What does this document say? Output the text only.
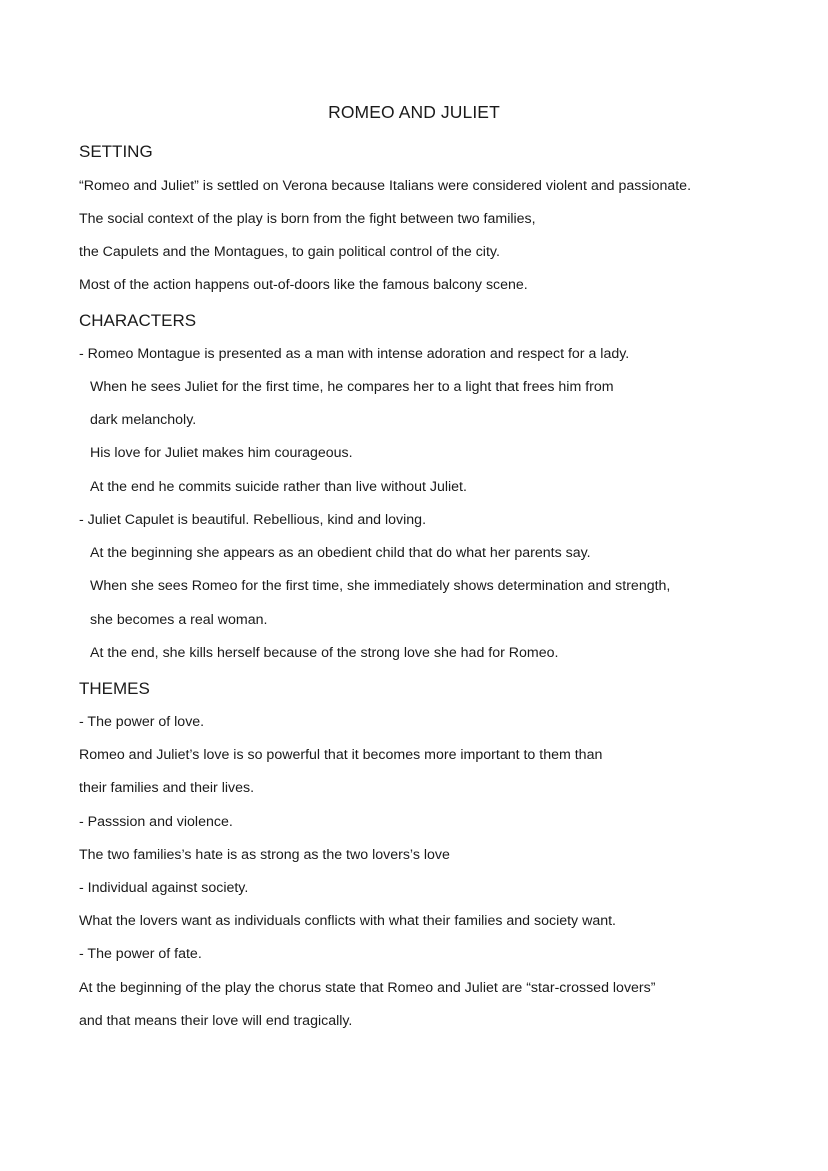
ROMEO AND JULIET
SETTING
“Romeo and Juliet” is settled on Verona because Italians were considered violent and passionate.
The social context of the play is born from the fight between two families,
the Capulets and the Montagues, to gain political control of the city.
Most of the action happens out-of-doors like the famous balcony scene.
CHARACTERS
- Romeo Montague is presented as a man with intense adoration and respect for a lady.
When he sees Juliet for the first time, he compares her to a light that frees him from
dark melancholy.
His love for Juliet makes him courageous.
At the end he commits suicide rather than live without Juliet.
- Juliet Capulet is beautiful. Rebellious, kind and loving.
At the beginning she appears as an obedient child that do what her parents say.
When she sees Romeo for the first time, she immediately shows determination and strength,
she becomes a real woman.
At the end, she kills herself because of the strong love she had for Romeo.
THEMES
- The power of love.
Romeo and Juliet’s love is so powerful that it becomes more important to them than
their families and their lives.
- Passsion and violence.
The two families’s hate is as strong as the two lovers’s love
- Individual against society.
What the lovers want as individuals conflicts with what their families and society want.
- The power of fate.
At the beginning of the play the chorus state that Romeo and Juliet are “star-crossed lovers”
and that means their love will end tragically.
